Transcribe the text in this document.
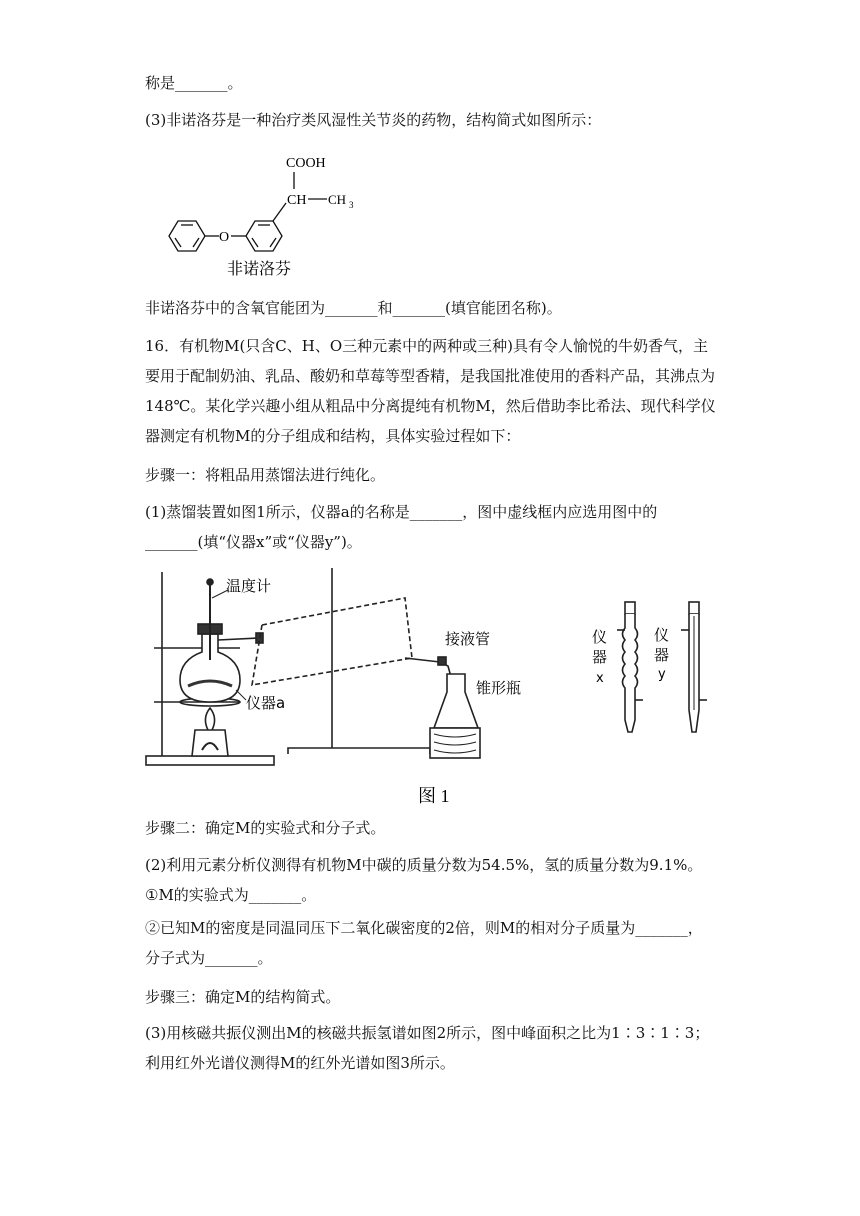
称是_______。
(3)非诺洛芬是一种治疗类风湿性关节炎的药物，结构简式如图所示：
O
CH CH 3
COOH
非诺洛芬
非诺洛芬中的含氧官能团为_______和_______(填官能团名称)。
16．有机物M(只含C、H、O三种元素中的两种或三种)具有令人愉悦的牛奶香气，主
要用于配制奶油、乳品、酸奶和草莓等型香精，是我国批准使用的香料产品，其沸点为
148℃。某化学兴趣小组从粗品中分离提纯有机物M，然后借助李比希法、现代科学仪
器测定有机物M的分子组成和结构，具体实验过程如下：
步骤一：将粗品用蒸馏法进行纯化。
(1)蒸馏装置如图1所示，仪器a的名称是_______，图中虚线框内应选用图中的
_______(填“仪器x”或“仪器y”)。
温度计
仪器a
接液管
锥形瓶
仪
器
x
仪
器
y
图 1
步骤二：确定M的实验式和分子式。
(2)利用元素分析仪测得有机物M中碳的质量分数为54.5%，氢的质量分数为9.1%。
①M的实验式为_______。
②已知M的密度是同温同压下二氧化碳密度的2倍，则M的相对分子质量为_______，
分子式为_______。
步骤三：确定M的结构简式。
(3)用核磁共振仪测出M的核磁共振氢谱如图2所示，图中峰面积之比为1∶3∶1∶3；
利用红外光谱仪测得M的红外光谱如图3所示。
